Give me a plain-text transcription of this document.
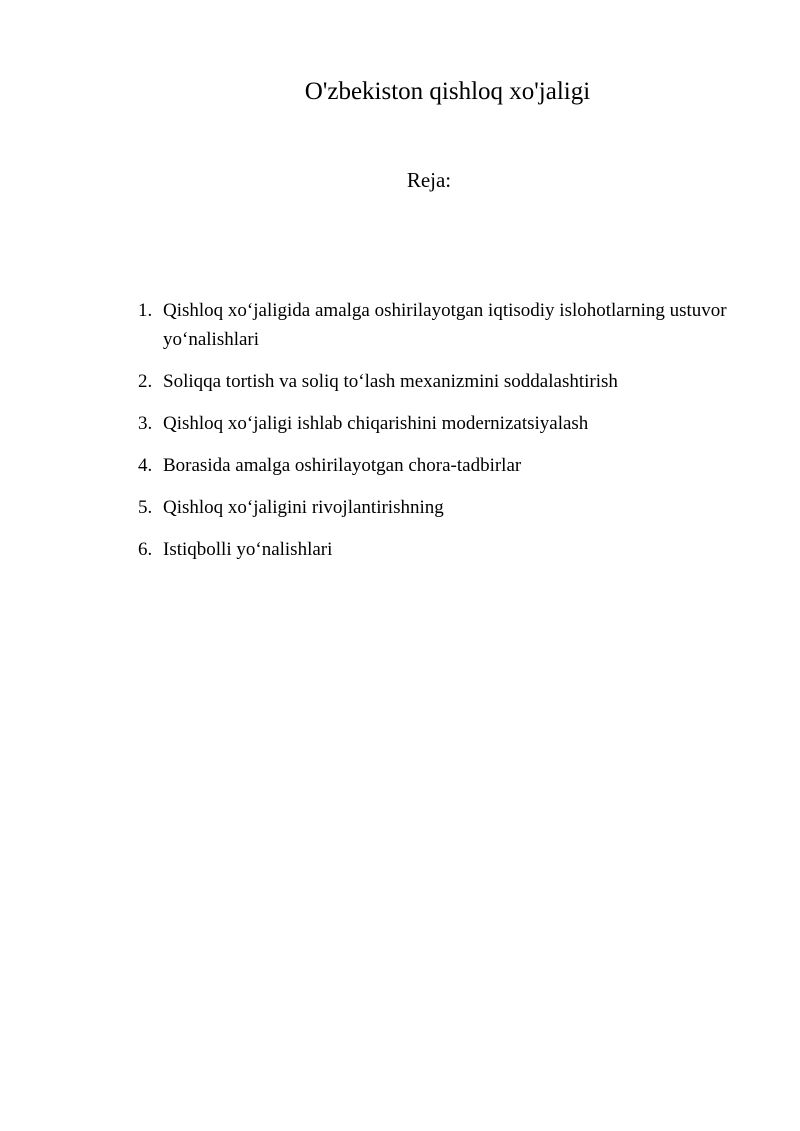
O'zbekiston qishloq xo'jaligi
Reja:
1. Qishloq xo‘jaligida amalga oshirilayotgan iqtisodiy islohotlarning ustuvor yo‘nalishlari
2. Soliqqa tortish va soliq to‘lash mexanizmini soddalashtirish
3. Qishloq xo‘jaligi ishlab chiqarishini modernizatsiyalash
4. Borasida amalga oshirilayotgan chora-tadbirlar
5. Qishloq xo‘jaligini rivojlantirishning
6. Istiqbolli yo‘nalishlari
